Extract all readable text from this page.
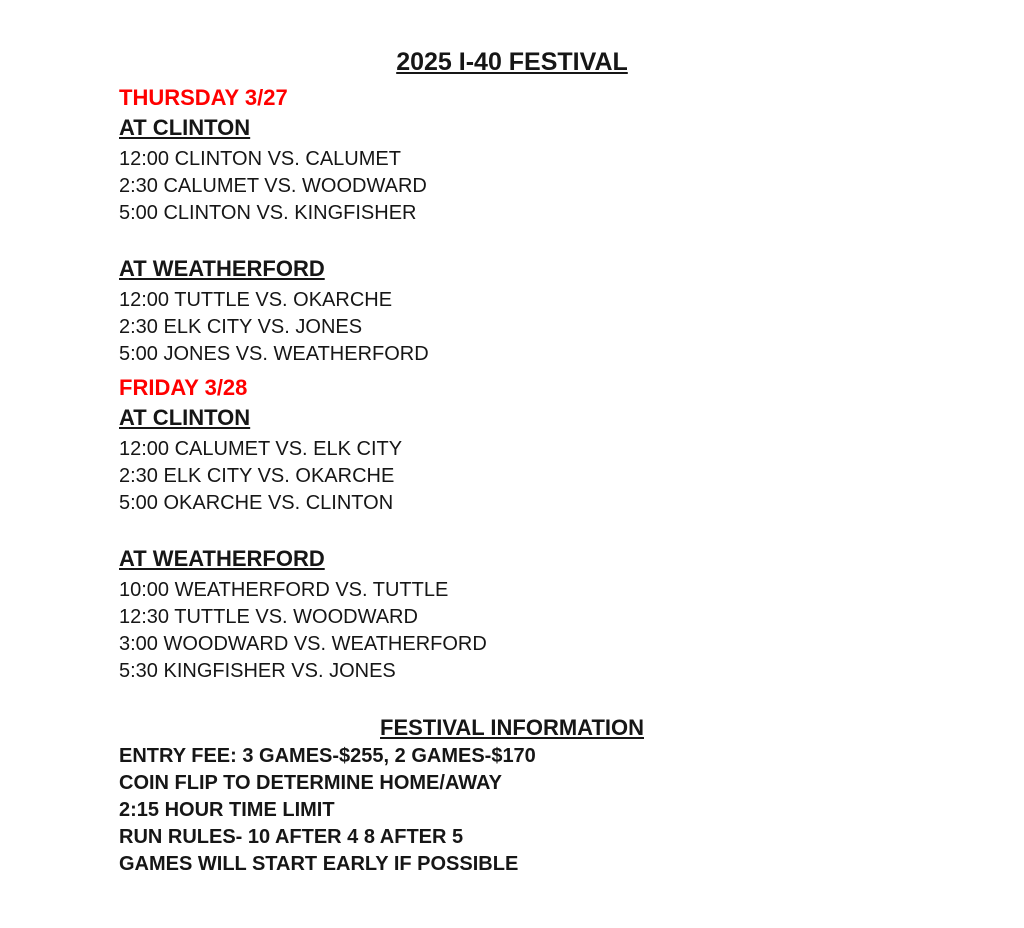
2025 I-40 FESTIVAL
THURSDAY 3/27
AT CLINTON
12:00 CLINTON VS. CALUMET
2:30 CALUMET VS. WOODWARD
5:00 CLINTON VS. KINGFISHER
AT WEATHERFORD
12:00 TUTTLE VS. OKARCHE
2:30 ELK CITY VS. JONES
5:00 JONES VS. WEATHERFORD
FRIDAY 3/28
AT CLINTON
12:00 CALUMET VS. ELK CITY
2:30 ELK CITY VS. OKARCHE
5:00 OKARCHE VS. CLINTON
AT WEATHERFORD
10:00 WEATHERFORD VS. TUTTLE
12:30 TUTTLE VS. WOODWARD
3:00 WOODWARD VS. WEATHERFORD
5:30 KINGFISHER VS. JONES
FESTIVAL INFORMATION
ENTRY FEE: 3 GAMES-$255, 2 GAMES-$170
COIN FLIP TO DETERMINE HOME/AWAY
2:15 HOUR TIME LIMIT
RUN RULES- 10 AFTER 4 8 AFTER 5
GAMES WILL START EARLY IF POSSIBLE
